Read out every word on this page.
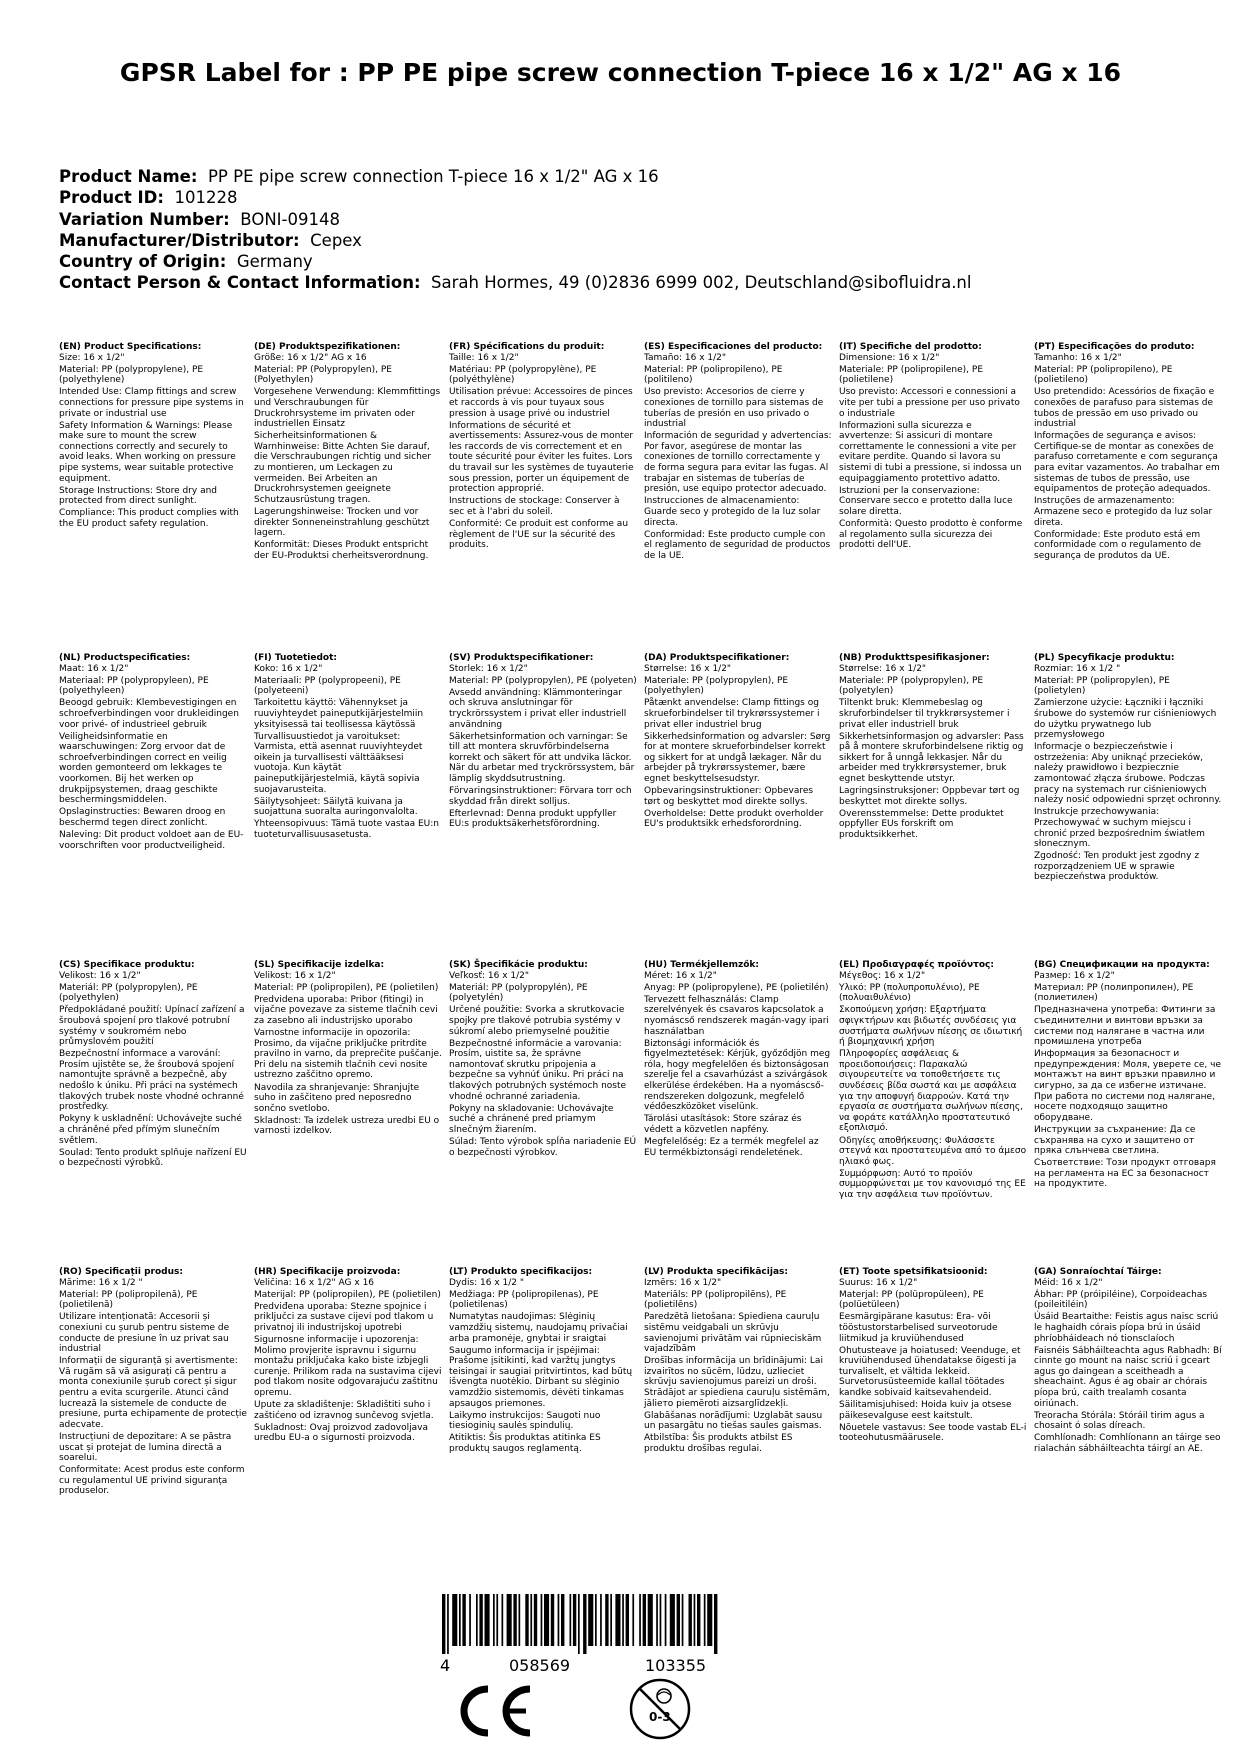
GPSR Label for : PP PE pipe screw connection T-piece 16 x 1/2" AG x 16
Product Name: PP PE pipe screw connection T-piece 16 x 1/2" AG x 16
Product ID: 101228
Variation Number: BONI-09148
Manufacturer/Distributor: Cepex
Country of Origin: Germany
Contact Person & Contact Information: Sarah Hormes, 49 (0)2836 6999 002, Deutschland@sibofluidra.nl
(EN) Product Specifications:

Size: 16 x 1/2"

Material: PP (polypropylene), PE (polyethylene)

Intended Use: Clamp fittings and screw connections for pressure pipe systems in private or industrial use

Safety Information & Warnings: Please make sure to mount the screw connections correctly and securely to avoid leaks. When working on pressure pipe systems, wear suitable protective equipment.

Storage Instructions: Store dry and protected from direct sunlight.

Compliance: This product complies with the EU product safety regulation.

(DE) Produktspezifikationen:

Größe: 16 x 1/2" AG x 16

Material: PP (Polypropylen), PE (Polyethylen)

Vorgesehene Verwendung: Klemmfittings und Verschraubungen für Druckrohrsysteme im privaten oder industriellen Einsatz

Sicherheitsinformationen & Warnhinweise: Bitte Achten Sie darauf, die Verschraubungen richtig und sicher zu montieren, um Leckagen zu vermeiden. Bei Arbeiten an Druckrohrsystemen geeignete Schutzausrüstung tragen.

Lagerungshinweise: Trocken und vor direkter Sonneneinstrahlung geschützt lagern.

Konformität: Dieses Produkt entspricht der EU-Produktsi cherheitsverordnung.

(FR) Spécifications du produit:

Taille: 16 x 1/2"

Matériau: PP (polypropylène), PE (polyéthylène)

Utilisation prévue: Accessoires de pinces et raccords à vis pour tuyaux sous pression à usage privé ou industriel

Informations de sécurité et avertissements: Assurez-vous de monter les raccords de vis correctement et en toute sécurité pour éviter les fuites. Lors du travail sur les systèmes de tuyauterie sous pression, porter un équipement de protection approprié.

Instructions de stockage: Conserver à sec et à l'abri du soleil.

Conformité: Ce produit est conforme au règlement de l'UE sur la sécurité des produits.

(ES) Especificaciones del producto:

Tamaño: 16 x 1/2"

Material: PP (polipropileno), PE (politileno)

Uso previsto: Accesorios de cierre y conexiones de tornillo para sistemas de tuberías de presión en uso privado o industrial

Información de seguridad y advertencias: Por favor, asegúrese de montar las conexiones de tornillo correctamente y de forma segura para evitar las fugas. Al trabajar en sistemas de tuberías de presión, use equipo protector adecuado.

Instrucciones de almacenamiento: Guarde seco y protegido de la luz solar directa.

Conformidad: Este producto cumple con el reglamento de seguridad de productos de la UE.

(IT) Specifiche del prodotto:

Dimensione: 16 x 1/2"

Materiale: PP (polipropilene), PE (polietilene)

Uso previsto: Accessori e connessioni a vite per tubi a pressione per uso privato o industriale

Informazioni sulla sicurezza e avvertenze: Si assicuri di montare correttamente le connessioni a vite per evitare perdite. Quando si lavora su sistemi di tubi a pressione, si indossa un equipaggiamento protettivo adatto.

Istruzioni per la conservazione: Conservare secco e protetto dalla luce solare diretta.

Conformità: Questo prodotto è conforme al regolamento sulla sicurezza dei prodotti dell'UE.

(PT) Especificações do produto:

Tamanho: 16 x 1/2"

Material: PP (polipropileno), PE (polietileno)

Uso pretendido: Acessórios de fixação e conexões de parafuso para sistemas de tubos de pressão em uso privado ou industrial

Informações de segurança e avisos: Certifique-se de montar as conexões de parafuso corretamente e com segurança para evitar vazamentos. Ao trabalhar em sistemas de tubos de pressão, use equipamentos de proteção adequados.

Instruções de armazenamento: Armazene seco e protegido da luz solar direta.

Conformidade: Este produto está em conformidade com o regulamento de segurança de produtos da UE.

(NL) Productspecificaties:

Maat: 16 x 1/2"

Materiaal: PP (polypropyleen), PE (polyethyleen)

Beoogd gebruik: Klembevestigingen en schroefverbindingen voor drukleidingen voor privé- of industrieel gebruik

Veiligheidsinformatie en waarschuwingen: Zorg ervoor dat de schroefverbindingen correct en veilig worden gemonteerd om lekkages te voorkomen. Bij het werken op drukpijpsystemen, draag geschikte beschermingsmiddelen.

Opslaginstructies: Bewaren droog en beschermd tegen direct zonlicht.

Naleving: Dit product voldoet aan de EU-voorschriften voor productveiligheid.

(FI) Tuotetiedot:

Koko: 16 x 1/2"

Materiaali: PP (polypropeeni), PE (polyeteeni)

Tarkoitettu käyttö: Vähennykset ja ruuviyhteydet paineputkijärjestelmiin yksityisessä tai teollisessa käytössä

Turvallisuustiedot ja varoitukset: Varmista, että asennat ruuviyhteydet oikein ja turvallisesti välttääksesi vuotoja. Kun käytät paineputkijärjestelmiä, käytä sopivia suojavarusteita.

Säilytysohjeet: Säilytä kuivana ja suojattuna suoralta auringonvalolta.

Yhteensopivuus: Tämä tuote vastaa EU:n tuoteturvallisuusasetusta.

(SV) Produktspecifikationer:

Storlek: 16 x 1/2"

Material: PP (polypropylen), PE (polyeten)

Avsedd användning: Klämmonteringar och skruva anslutningar för tryckrörssystem i privat eller industriell användning

Säkerhetsinformation och varningar: Se till att montera skruvförbindelserna korrekt och säkert för att undvika läckor. När du arbetar med tryckrörssystem, bär lämplig skyddsutrustning.

Förvaringsinstruktioner: Förvara torr och skyddad från direkt solljus.

Efterlevnad: Denna produkt uppfyller EU:s produktsäkerhetsförordning.

(DA) Produktspecifikationer:

Størrelse: 16 x 1/2"

Materiale: PP (polypropylen), PE (polyethylen)

Påtænkt anvendelse: Clamp fittings og skrueforbindelser til trykrørssystemer i privat eller industriel brug

Sikkerhedsinformation og advarsler: Sørg for at montere skrueforbindelser korrekt og sikkert for at undgå lækager. Når du arbejder på trykrørssystemer, bære egnet beskyttelsesudstyr.

Opbevaringsinstruktioner: Opbevares tørt og beskyttet mod direkte sollys.

Overholdelse: Dette produkt overholder EU's produktsikk erhedsforordning.

(NB) Produkttspesifikasjoner:

Størrelse: 16 x 1/2"

Materiale: PP (polypropylen), PE (polyetylen)

Tiltenkt bruk: Klemmebeslag og skruforbindelser til trykkrørsystemer i privat eller industriell bruk

Sikkerhetsinformasjon og advarsler: Pass på å montere skruforbindelsene riktig og sikkert for å unngå lekkasjer. Når du arbeider med trykkrørsystemer, bruk egnet beskyttende utstyr.

Lagringsinstruksjoner: Oppbevar tørt og beskyttet mot direkte sollys.

Overensstemmelse: Dette produktet oppfyller EUs forskrift om produktsikkerhet.

(PL) Specyfikacje produktu:

Rozmiar: 16 x 1/2 "

Materiał: PP (polipropylen), PE (polietylen)

Zamierzone użycie: Łączniki i łączniki śrubowe do systemów rur ciśnieniowych do użytku prywatnego lub przemysłowego

Informacje o bezpieczeństwie i ostrzeżenia: Aby uniknąć przecieków, należy prawidłowo i bezpiecznie zamontować złącza śrubowe. Podczas pracy na systemach rur ciśnieniowych należy nosić odpowiedni sprzęt ochronny.

Instrukcje przechowywania: Przechowywać w suchym miejscu i chronić przed bezpośrednim światłem słonecznym.

Zgodność: Ten produkt jest zgodny z rozporządzeniem UE w sprawie bezpieczeństwa produktów.

(CS) Specifikace produktu:

Velikost: 16 x 1/2"

Materiál: PP (polypropylen), PE (polyethylen)

Předpokládané použití: Upínací zařízení a šroubová spojení pro tlakové potrubní systémy v soukromém nebo průmyslovém použití

Bezpečnostní informace a varování: Prosím ujistěte se, že šroubová spojení namontujte správně a bezpečně, aby nedošlo k úniku. Při práci na systémech tlakových trubek noste vhodné ochranné prostředky.

Pokyny k uskladnění: Uchovávejte suché a chráněné před přímým slunečním světlem.

Soulad: Tento produkt splňuje nařízení EU o bezpečnosti výrobků.

(SL) Specifikacije izdelka:

Velikost: 16 x 1/2"

Material: PP (polipropilen), PE (polietilen)

Predvidena uporaba: Pribor (fitingi) in vijačne povezave za sisteme tlačnih cevi za zasebno ali industrijsko uporabo

Varnostne informacije in opozorila: Prosimo, da vijačne priključke pritrdite pravilno in varno, da preprečite puščanje. Pri delu na sistemih tlačnih cevi nosite ustrezno zaščitno opremo.

Navodila za shranjevanje: Shranjujte suho in zaščiteno pred neposredno sončno svetlobo.

Skladnost: Ta izdelek ustreza uredbi EU o varnosti izdelkov.

(SK) Špecifikácie produktu:

Veľkosť: 16 x 1/2"

Materiál: PP (polypropylén), PE (polyetylén)

Určené použitie: Svorka a skrutkovacie spojky pre tlakové potrubia systémy v súkromí alebo priemyselné použitie

Bezpečnostné informácie a varovania: Prosím, uistite sa, že správne namontovať skrutku pripojenia a bezpečne sa vyhnúť úniku. Pri práci na tlakových potrubných systémoch noste vhodné ochranné zariadenia.

Pokyny na skladovanie: Uchovávajte suché a chránené pred priamym slnečným žiarením.

Súlad: Tento výrobok spĺňa nariadenie EÚ o bezpečnosti výrobkov.

(HU) Termékjellemzők:

Méret: 16 x 1/2"

Anyag: PP (polipropylene), PE (polietilén)

Tervezett felhasználás: Clamp szerelvények és csavaros kapcsolatok a nyomáscső rendszerek magán-vagy ipari használatban

Biztonsági információk és figyelmeztetések: Kérjük, győződjön meg róla, hogy megfelelően és biztonságosan szerelje fel a csavarhúzást a szivárgások elkerülése érdekében. Ha a nyomáscső-rendszereken dolgozunk, megfelelő védőeszközöket viselünk.

Tárolási utasítások: Store száraz és védett a közvetlen napfény.

Megfelelőség: Ez a termék megfelel az EU termékbiztonsági rendeletének.

(EL) Προδιαγραφές προϊόντος:

Μέγεθος: 16 x 1/2"

Υλικό: PP (πολυπροπυλένιο), PE (πολυαιθυλένιο)

Σκοπούμενη χρήση: Εξαρτήματα σφιγκτήρων και βιδωτές συνδέσεις για συστήματα σωλήνων πίεσης σε ιδιωτική ή βιομηχανική χρήση

Πληροφορίες ασφάλειας & προειδοποιήσεις: Παρακαλώ σιγουρευτείτε να τοποθετήσετε τις συνδέσεις βίδα σωστά και με ασφάλεια για την αποφυγή διαρροών. Κατά την εργασία σε συστήματα σωλήνων πίεσης, να φοράτε κατάλληλο προστατευτικό εξοπλισμό.

Οδηγίες αποθήκευσης: Φυλάσσετε στεγνά και προστατευμένα από το άμεσο ηλιακό φως.

Συμμόρφωση: Αυτό το προϊόν συμμορφώνεται με τον κανονισμό της ΕΕ για την ασφάλεια των προϊόντων.

(BG) Спецификации на продукта:

Размер: 16 x 1/2"

Материал: PP (полипропилен), PE (полиетилен)

Предназначена употреба: Фитинги за съединителни и винтови връзки за системи под налягане в частна или промишлена употреба

Информация за безопасност и предупреждения: Моля, уверете се, че монтажът на винт връзки правилно и сигурно, за да се избегне изтичане. При работа по системи под налягане, носете подходящо защитно оборудване.

Инструкции за съхранение: Да се съхранява на сухо и защитено от пряка слънчева светлина.

Съответствие: Този продукт отговаря на регламента на ЕС за безопасност на продуктите.

(RO) Specificații produs:

Mărime: 16 x 1/2 "

Material: PP (polipropilenă), PE (polietilenă)

Utilizare intenționată: Accesorii și conexiuni cu șurub pentru sisteme de conducte de presiune în uz privat sau industrial

Informații de siguranță și avertismente: Vă rugăm să vă asigurați că pentru a monta conexiunile șurub corect și sigur pentru a evita scurgerile. Atunci când lucrează la sistemele de conducte de presiune, purta echipamente de protecție adecvate.

Instrucțiuni de depozitare: A se păstra uscat și protejat de lumina directă a soarelui.

Conformitate: Acest produs este conform cu regulamentul UE privind siguranța produselor.

(HR) Specifikacije proizvoda:

Veličina: 16 x 1/2" AG x 16

Materijal: PP (polipropilen), PE (polietilen)

Predviđena uporaba: Stezne spojnice i priključci za sustave cijevi pod tlakom u privatnoj ili industrijskoj upotrebi

Sigurnosne informacije i upozorenja: Molimo provjerite ispravnu i sigurnu montažu priključaka kako biste izbjegli curenje. Prilikom rada na sustavima cijevi pod tlakom nosite odgovarajuću zaštitnu opremu.

Upute za skladištenje: Skladištiti suho i zaštićeno od izravnog sunčevog svjetla.

Sukladnost: Ovaj proizvod zadovoljava uredbu EU-a o sigurnosti proizvoda.

(LT) Produkto specifikacijos:

Dydis: 16 x 1/2 "

Medžiaga: PP (polipropilenas), PE (polietilenas)

Numatytas naudojimas: Slėginių vamzdžių sistemų, naudojamų privačiai arba pramonėje, gnybtai ir sraigtai

Saugumo informacija ir įspėjimai: Prašome įsitikinti, kad varžtų jungtys teisingai ir saugiai pritvirtintos, kad būtų išvengta nuotėkio. Dirbant su slėginio vamzdžio sistemomis, dėvėti tinkamas apsaugos priemones.

Laikymo instrukcijos: Saugoti nuo tiesioginių saulės spindulių.

Atitiktis: Šis produktas atitinka ES produktų saugos reglamentą.

(LV) Produkta specifikācijas:

Izmērs: 16 x 1/2"

Materiāls: PP (polipropilēns), PE (polietilēns)

Paredzētā lietošana: Spiediena cauruļu sistēmu veidgabali un skrūvju savienojumi privātām vai rūpnieciskām vajadzībām

Drošības informācija un brīdinājumi: Lai izvairītos no sūcēm, lūdzu, uzlieciet skrūvju savienojumus pareizi un droši. Strādājot ar spiediena cauruļu sistēmām, jāliето piemēroti aizsarglīdzekļi.

Glabāšanas norādījumi: Uzglabāt sausu un pasargātu no tiešas saules gaismas.

Atbilstība: Šis produkts atbilst ES produktu drošības regulai.

(ET) Toote spetsifikatsioonid:

Suurus: 16 x 1/2"

Materjal: PP (polüpropüleen), PE (polüetüleen)

Eesmärgipärane kasutus: Era- või tööstustorstarbelised surveotorude liitmikud ja kruviühendused

Ohutusteave ja hoiatused: Veenduge, et kruviühendused ühendatakse õigesti ja turvaliselt, et vältida lekkeid. Survetorusüsteemide kallal töötades kandke sobivaid kaitsevahendeid.

Säilitamisjuhised: Hoida kuiv ja otsese päikesevalguse eest kaitstult.

Nõuetele vastavus: See toode vastab EL-i tooteohutusmäärusele.

(GA) Sonraíochtaí Táirge:

Méid: 16 x 1/2"

Ábhar: PP (próipiléine), Corpoideachas (poileitiléin)

Úsáid Beartaithe: Feistis agus naisc scriú le haghaidh córais píopa brú in úsáid phríobháideach nó tionsclaíoch

Faisnéis Sábháilteachta agus Rabhadh: Bí cinnte go mount na naisc scriú i gceart agus go daingean a sceitheadh a sheachaint. Agus é ag obair ar chórais píopa brú, caith trealamh cosanta oiriúnach.

Treoracha Stórála: Stóráil tirim agus a chosaint ó solas díreach.

Comhlíonadh: Comhlíonann an táirge seo rialachán sábháilteachta táirgí an AE.

4	058569	103355
0-3
